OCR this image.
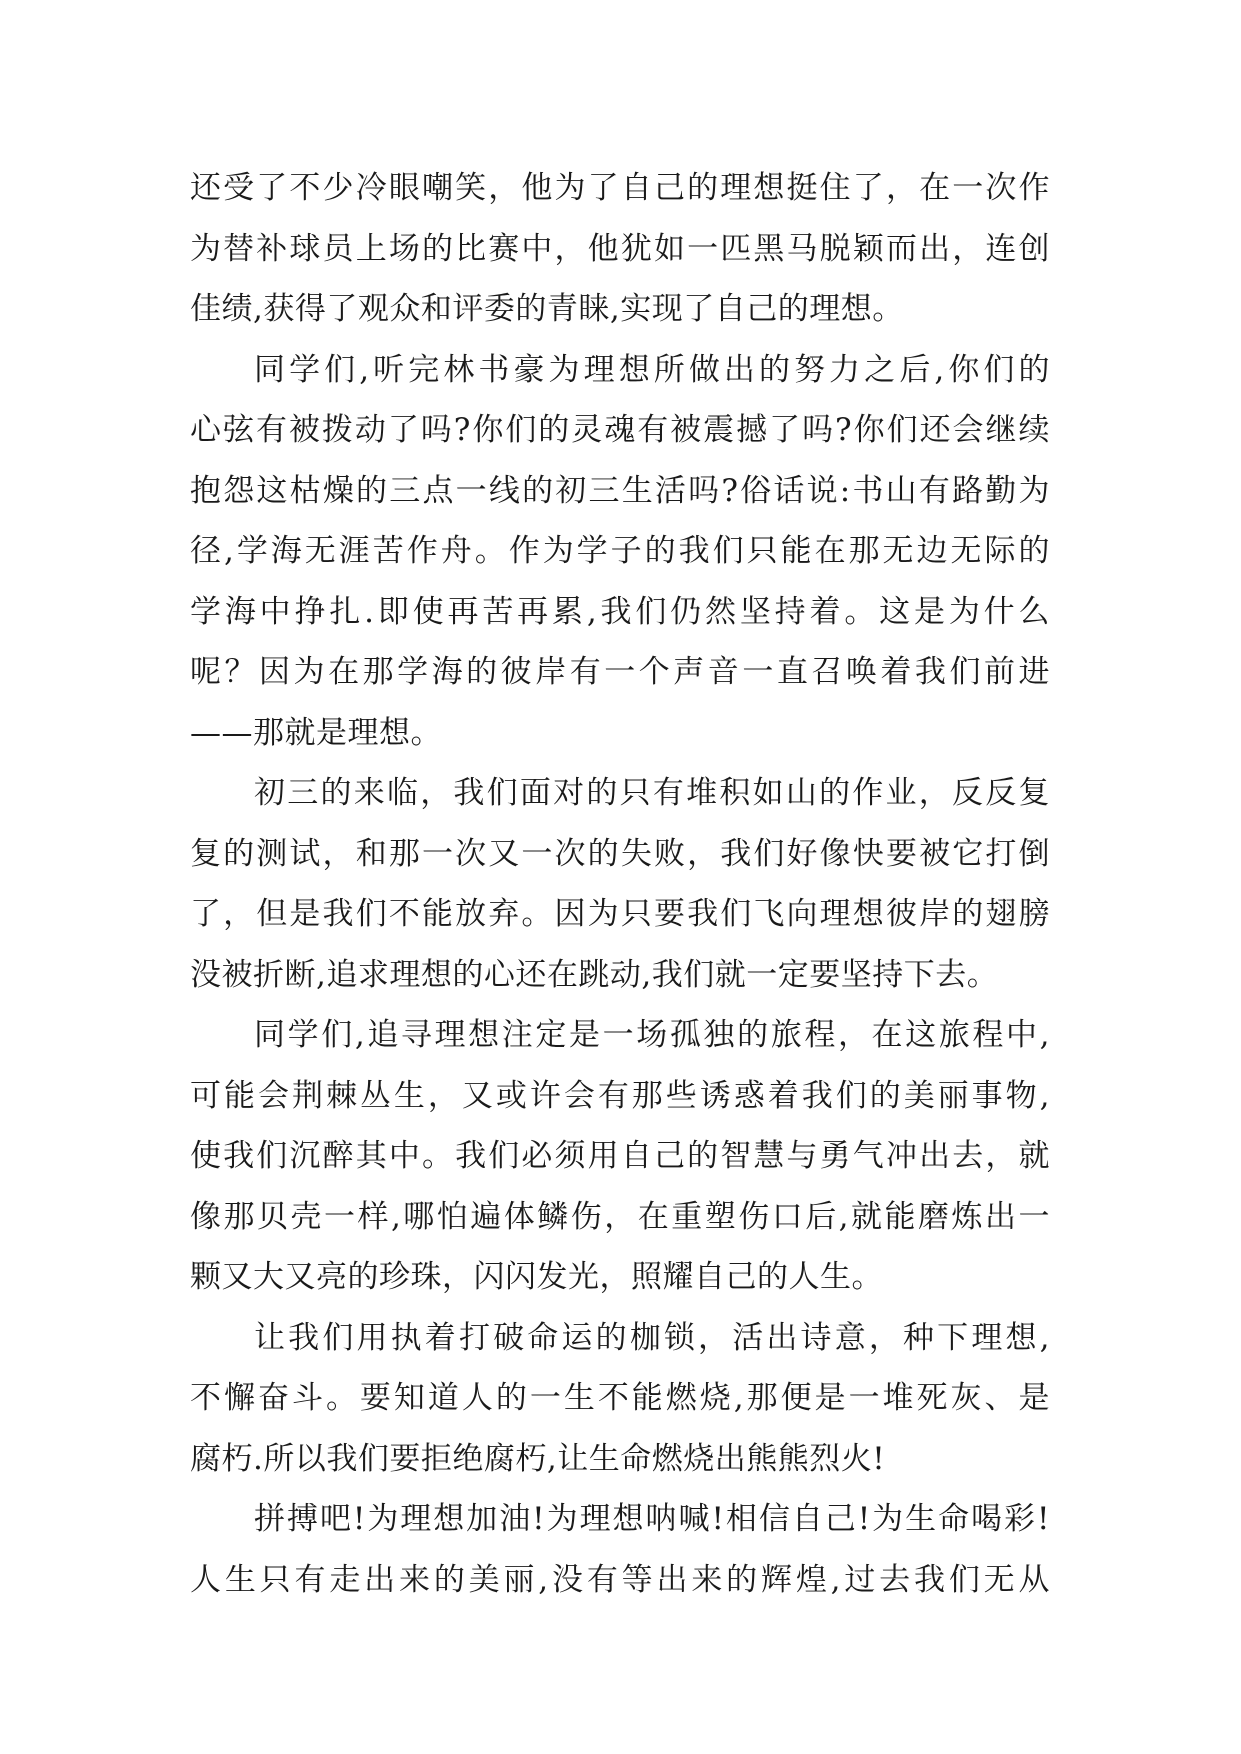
还受了不少冷眼嘲笑，他为了自己的理想挺住了，在一次作
为替补球员上场的比赛中，他犹如一匹黑马脱颖而出，连创
佳绩,获得了观众和评委的青睐,实现了自己的理想。
同学们,听完林书豪为理想所做出的努力之后,你们的
心弦有被拨动了吗?你们的灵魂有被震撼了吗?你们还会继续
抱怨这枯燥的三点一线的初三生活吗?俗话说:书山有路勤为
径,学海无涯苦作舟。作为学子的我们只能在那无边无际的
学海中挣扎.即使再苦再累,我们仍然坚持着。这是为什么
呢？因为在那学海的彼岸有一个声音一直召唤着我们前进
——那就是理想。
初三的来临，我们面对的只有堆积如山的作业，反反复
复的测试，和那一次又一次的失败，我们好像快要被它打倒
了，但是我们不能放弃。因为只要我们飞向理想彼岸的翅膀
没被折断,追求理想的心还在跳动,我们就一定要坚持下去。
同学们,追寻理想注定是一场孤独的旅程，在这旅程中,
可能会荆棘丛生，又或许会有那些诱惑着我们的美丽事物,
使我们沉醉其中。我们必须用自己的智慧与勇气冲出去，就
像那贝壳一样,哪怕遍体鳞伤，在重塑伤口后,就能磨炼出一
颗又大又亮的珍珠，闪闪发光，照耀自己的人生。
让我们用执着打破命运的枷锁，活出诗意，种下理想,
不懈奋斗。要知道人的一生不能燃烧,那便是一堆死灰、是
腐朽.所以我们要拒绝腐朽,让生命燃烧出熊熊烈火!
拼搏吧!为理想加油!为理想呐喊!相信自己!为生命喝彩!
人生只有走出来的美丽,没有等出来的辉煌,过去我们无从
